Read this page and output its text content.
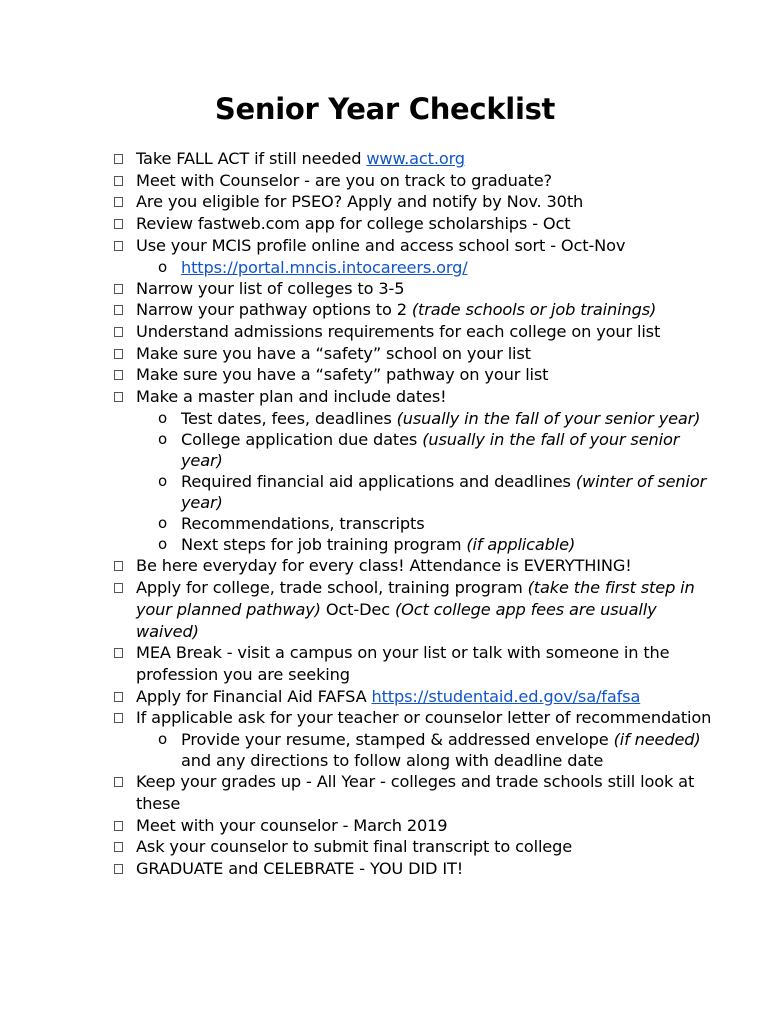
Senior Year Checklist
Take FALL ACT if still needed www.act.org
Meet with Counselor - are you on track to graduate?
Are you eligible for PSEO? Apply and notify by Nov. 30th
Review fastweb.com app for college scholarships - Oct
Use your MCIS profile online and access school sort - Oct-Nov
o https://portal.mncis.intocareers.org/
Narrow your list of colleges to 3-5
Narrow your pathway options to 2 (trade schools or job trainings)
Understand admissions requirements for each college on your list
Make sure you have a “safety” school on your list
Make sure you have a “safety” pathway on your list
Make a master plan and include dates!
o Test dates, fees, deadlines (usually in the fall of your senior year)
o College application due dates (usually in the fall of your senior year)
o Required financial aid applications and deadlines (winter of senior year)
o Recommendations, transcripts
o Next steps for job training program (if applicable)
Be here everyday for every class! Attendance is EVERYTHING!
Apply for college, trade school, training program (take the first step in your planned pathway) Oct-Dec (Oct college app fees are usually waived)
MEA Break - visit a campus on your list or talk with someone in the profession you are seeking
Apply for Financial Aid FAFSA https://studentaid.ed.gov/sa/fafsa
If applicable ask for your teacher or counselor letter of recommendation
o Provide your resume, stamped & addressed envelope (if needed) and any directions to follow along with deadline date
Keep your grades up - All Year - colleges and trade schools still look at these
Meet with your counselor - March 2019
Ask your counselor to submit final transcript to college
GRADUATE and CELEBRATE - YOU DID IT!
